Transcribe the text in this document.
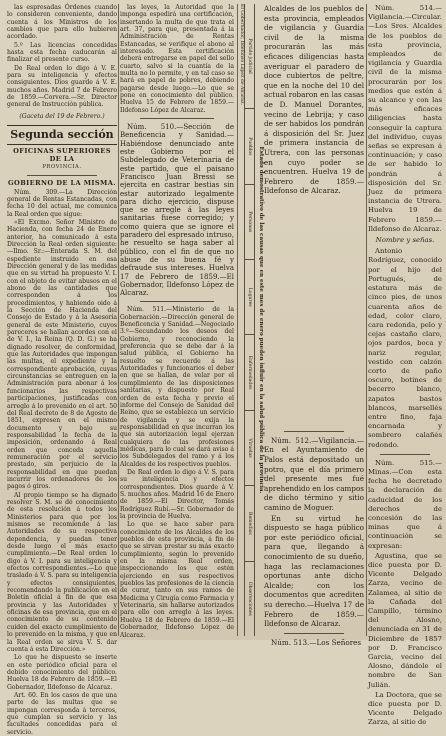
las espresadas Órdenes cuando lo consideren conveniente, dando cuenta á los Ministros de los cambios que para ello hubieren acordado.

5.º Las licencias concedidas hasta esta fecha caducarán al finalizar el presente curso.

De Real orden lo digo á V. E. para su inteligencia y efectos consiguientes. Dios guarde á V. E. muchos años. Madrid 7 de Febrero de 1859.—Corvera.—Sr. Director general de Instrucción pública.

(Gaceta del 19 de Febrero.)

Segunda sección

OFICINAS SUPERIORES DE LA

PROVINCIA.

GOBIERNO DE LA MISMA.

Núm. 309.—La Dirección general de Rentas Estancadas, con fecha 10 del actual, me comunica la Real orden que sigue:

«El Excmo. Señor Ministro de Hacienda, con fecha 24 de Enero anterior, ha comunicado á esta Dirección la Real orden siguiente:—Ilmo. Sr.:—Enterada S. M. del espediente instruido en esa Dirección general y de las medidas que en su virtud ha propuesto V. I. con el objeto de evitar abusos en el abono de las cantidades que corresponden á los procedimientos, y habiendo oido á la Sección de Hacienda del Consejo de Estado y á la Asesoría general de este Ministerio, cuyos pareceres se hallan acordes con el de V. I., la Reina (Q. D. G.) se ha dignado resolver, de conformidad, que las Autoridades que impongan las multas, el expediente y la correspondiente aprobación, cuyas circunstancias se entreguen en la Administración para abonar á los funcionarios las respectivas participaciones, justificadas con arreglo á lo prevenido en el art. 50 del Real decreto de 8 de Agosto de 1851, expresen en el mismo documento y bajo su responsabilidad la fecha de la imposición, ordenando á Real orden que conceda aquella remuneración por el servicio prestado, sin perjuicio de la responsabilidad en que puedan incurrir los ordenadores de los pagos ó giros.

Al propio tiempo se ha dignado resolver S. M. se dé conocimiento de esta resolución á todos los Ministerios para que por los mismos se recomiende á las Autoridades de su respectiva dependencia, y puedan tener desde luego el más exacto cumplimiento.—De Real orden lo digo á V. I. para su inteligencia y efectos correspondientes.—Lo que traslado á V. S. para su inteligencia y efectos consiguientes, recomendando la publicación en el Boletín oficial á fin de que esa provincia y las Autoridades y oficinas de esa provincia, que en el conocimiento de su contenido cuiden del exacto cumplimiento de lo prevenido en la misma, y que en la Real orden se sirva V. S. dar cuenta á esta Dirección.»

Lo que he dispuesto se inserte en este periódico oficial para el debido conocimiento del público. Huelva 18 de Febrero de 1859.—El Gobernador, Ildefonso de Alcaraz.

Art. 60. En los casos de que una parte de las multas que se impongan corresponda á terceros, que cumplan su servicio y las facultades concedidas para el servicio.

las leyes, la Autoridad que la imponga espedirá una certificación, insertando la multa de que trata el art. 37, para que, presentada á la Administración de Rentas Estancadas, se verifique el abono al interesado. Esta certificación deberá entregarse en papel del sello cuarto, salvo si la cuantía de la multa no lo permite, y en tal caso se hará en papel de pobres, debiendo pagarse desde luego.—Lo que se pone en conocimiento del público. Huelva 15 de Febrero de 1859.—Ildefonso López de Alcaraz.

Núm. 510.—Sección de Beneficencia y Sanidad.—Habiéndose denunciado ante este Gobierno por el Subdelegado de Veterinaria de este partido, que el paisano Francisco Juan Bressi se ejercita en castrar bestias sin estar autorizado legalmente para dicho ejercicio, dispuse que se arregle á las leyes sanitarias fuese corregido; y como quiera que se ignore el paradero del espresado intruso, he resuelto se haga saber al público, con el fin de que no abuse de su buena fé y defraude sus intereses. Huelva 17 de Febrero de 1859.—El Gobernador, Ildefonso López de Alcaraz.

Núm. 511.—Ministerio de la Gobernación.—Dirección general de Beneficencia y Sanidad.—Negociado 3.º—Secundando los deseos del Gobierno, y reconociendo la preferencia que se debe dar á la salud pública, el Gobierno ha resuelto se recuerde á las Autoridades y funcionarios el deber en que se hallan, de velar por el cumplimiento de las disposiciones sanitarias, y dispuesto por Real orden de esta fecha y previo el informe del Consejo de Sanidad del Reino, que se establezca un servicio de vigilancia y se exija la responsabilidad en que incurran los que sin autorización legal ejerzan cualquiera de las profesiones médicas, para lo cual se dará aviso á los Subdelegados del ramo y á los Alcaldes de los respectivos pueblos.

De Real orden lo digo á V. S. para su inteligencia y efectos correspondientes. Dios guarde á V. S. muchos años. Madrid 16 de Enero de 1859.—El Director, Tomás Rodríguez Rubí.—Sr. Gobernador de la provincia de Huelva.

Lo que se hace saber para conocimiento de los Alcaldes de los pueblos de esta provincia, á fin de que se sirvan prestar su más exacto cumplimiento, según lo prevenido en la misma Real orden, inspeccionando los que estén ejerciendo en sus respectivos pueblos las profesiones de la ciencia de curar, tanto en sus ramos de Medicina y Cirugía como Farmacia y Veterinaria, sin hallarse autorizados para ello con arreglo á las leyes. Huelva 18 de Febrero de 1859.—El Gobernador, Ildefonso López de Alcaraz.

Estado demostrativo de las causas que en este mes de enero pueden influir en la salud pública de la provincia.
Partido judicial
Pueblos
Personas
Lugares
Enfermedades
Viruelas
Remedios
Observaciones
El Gobernador, Ildefonso López de Alcaraz.	Alcaldes de los pueblos de esta provincia, empleados de vigilancia y Guardia civil de la misma procurarán las más eficaces diligencias hasta averiguar el paradero de doce cubiertos de peltre, que en la noche del 10 del actual robaron en las casas de D. Manuel Dorantes, vecino de Lebrija; y caso de ser habidos los pondrán á disposición del Sr. Juez de primera instancia de Utrera, con las personas en cuyo poder se encuentren. Huelva 19 de Febrero de 1859.—Ildefonso de Alcaraz.

Núm. 512.—Vigilancia.—En el Ayuntamiento de Palos está depositado un potro, que el día primero del presente mes fué aprehendido en los campos de dicho término y sitio camino de Moguer.

En su virtud he dispuesto se haga público por este periódico oficial, para que, llegando á conocimiento de su dueño, haga las reclamaciones oportunas ante dicho Alcalde; con los documentos que acrediten su derecho.—Huelva 17 de Febrero de 1859.—Ildefonso de Alcaraz.

Núm. 513.—Los Señores

Núm. 514.—Vigilancia.—Circular.—Los Sres. Alcaldes de los pueblos de esta provincia, empleados de vigilancia y Guardia civil de la misma procurarán por los medios que estén á su alcance y con las más eficaces diligencias hasta conseguir la captura del individuo, cuyas señas se expresan á continuación; y caso de ser habido lo pondrán á disposición del Sr. Juez de primera instancia de Utrera. Huelva 19 de Febrero 1859.—Ildefonso de Alcaraz.

Nombre y señas.

Antonio Rodríguez, conocido por el hijo del Portugués, de estatura más de cinco pies, de unos cuarenta años de edad, color claro, cara redonda, pelo y cejas castaño claro, ojos pardos, boca y nariz regular, vestido con calzón corto de paño oscuro, botines de becerro blanco, zapatos bastos blancos, marsellés entre fino, faja encarnada y sombrero calañés redondo.

Núm. 515.—Minas.—Con esta fecha he decretado la declaración de caducidad de los derechos de concesión de las minas que á continuación se expresan:

Agustina, que se dice puesta por D. Vicente Delgado Zarza, vecino de Zalamea, al sitio de la Cañada del Campillo, término del Alosno, denunciada en 31 de Diciembre de 1857 por D. Francisco Garcia, vecino del Alosno, dándole el nombre de San Julián.

La Doctora, que se dice puesta por D. Vicente Delgado Zarza, al sitio de
